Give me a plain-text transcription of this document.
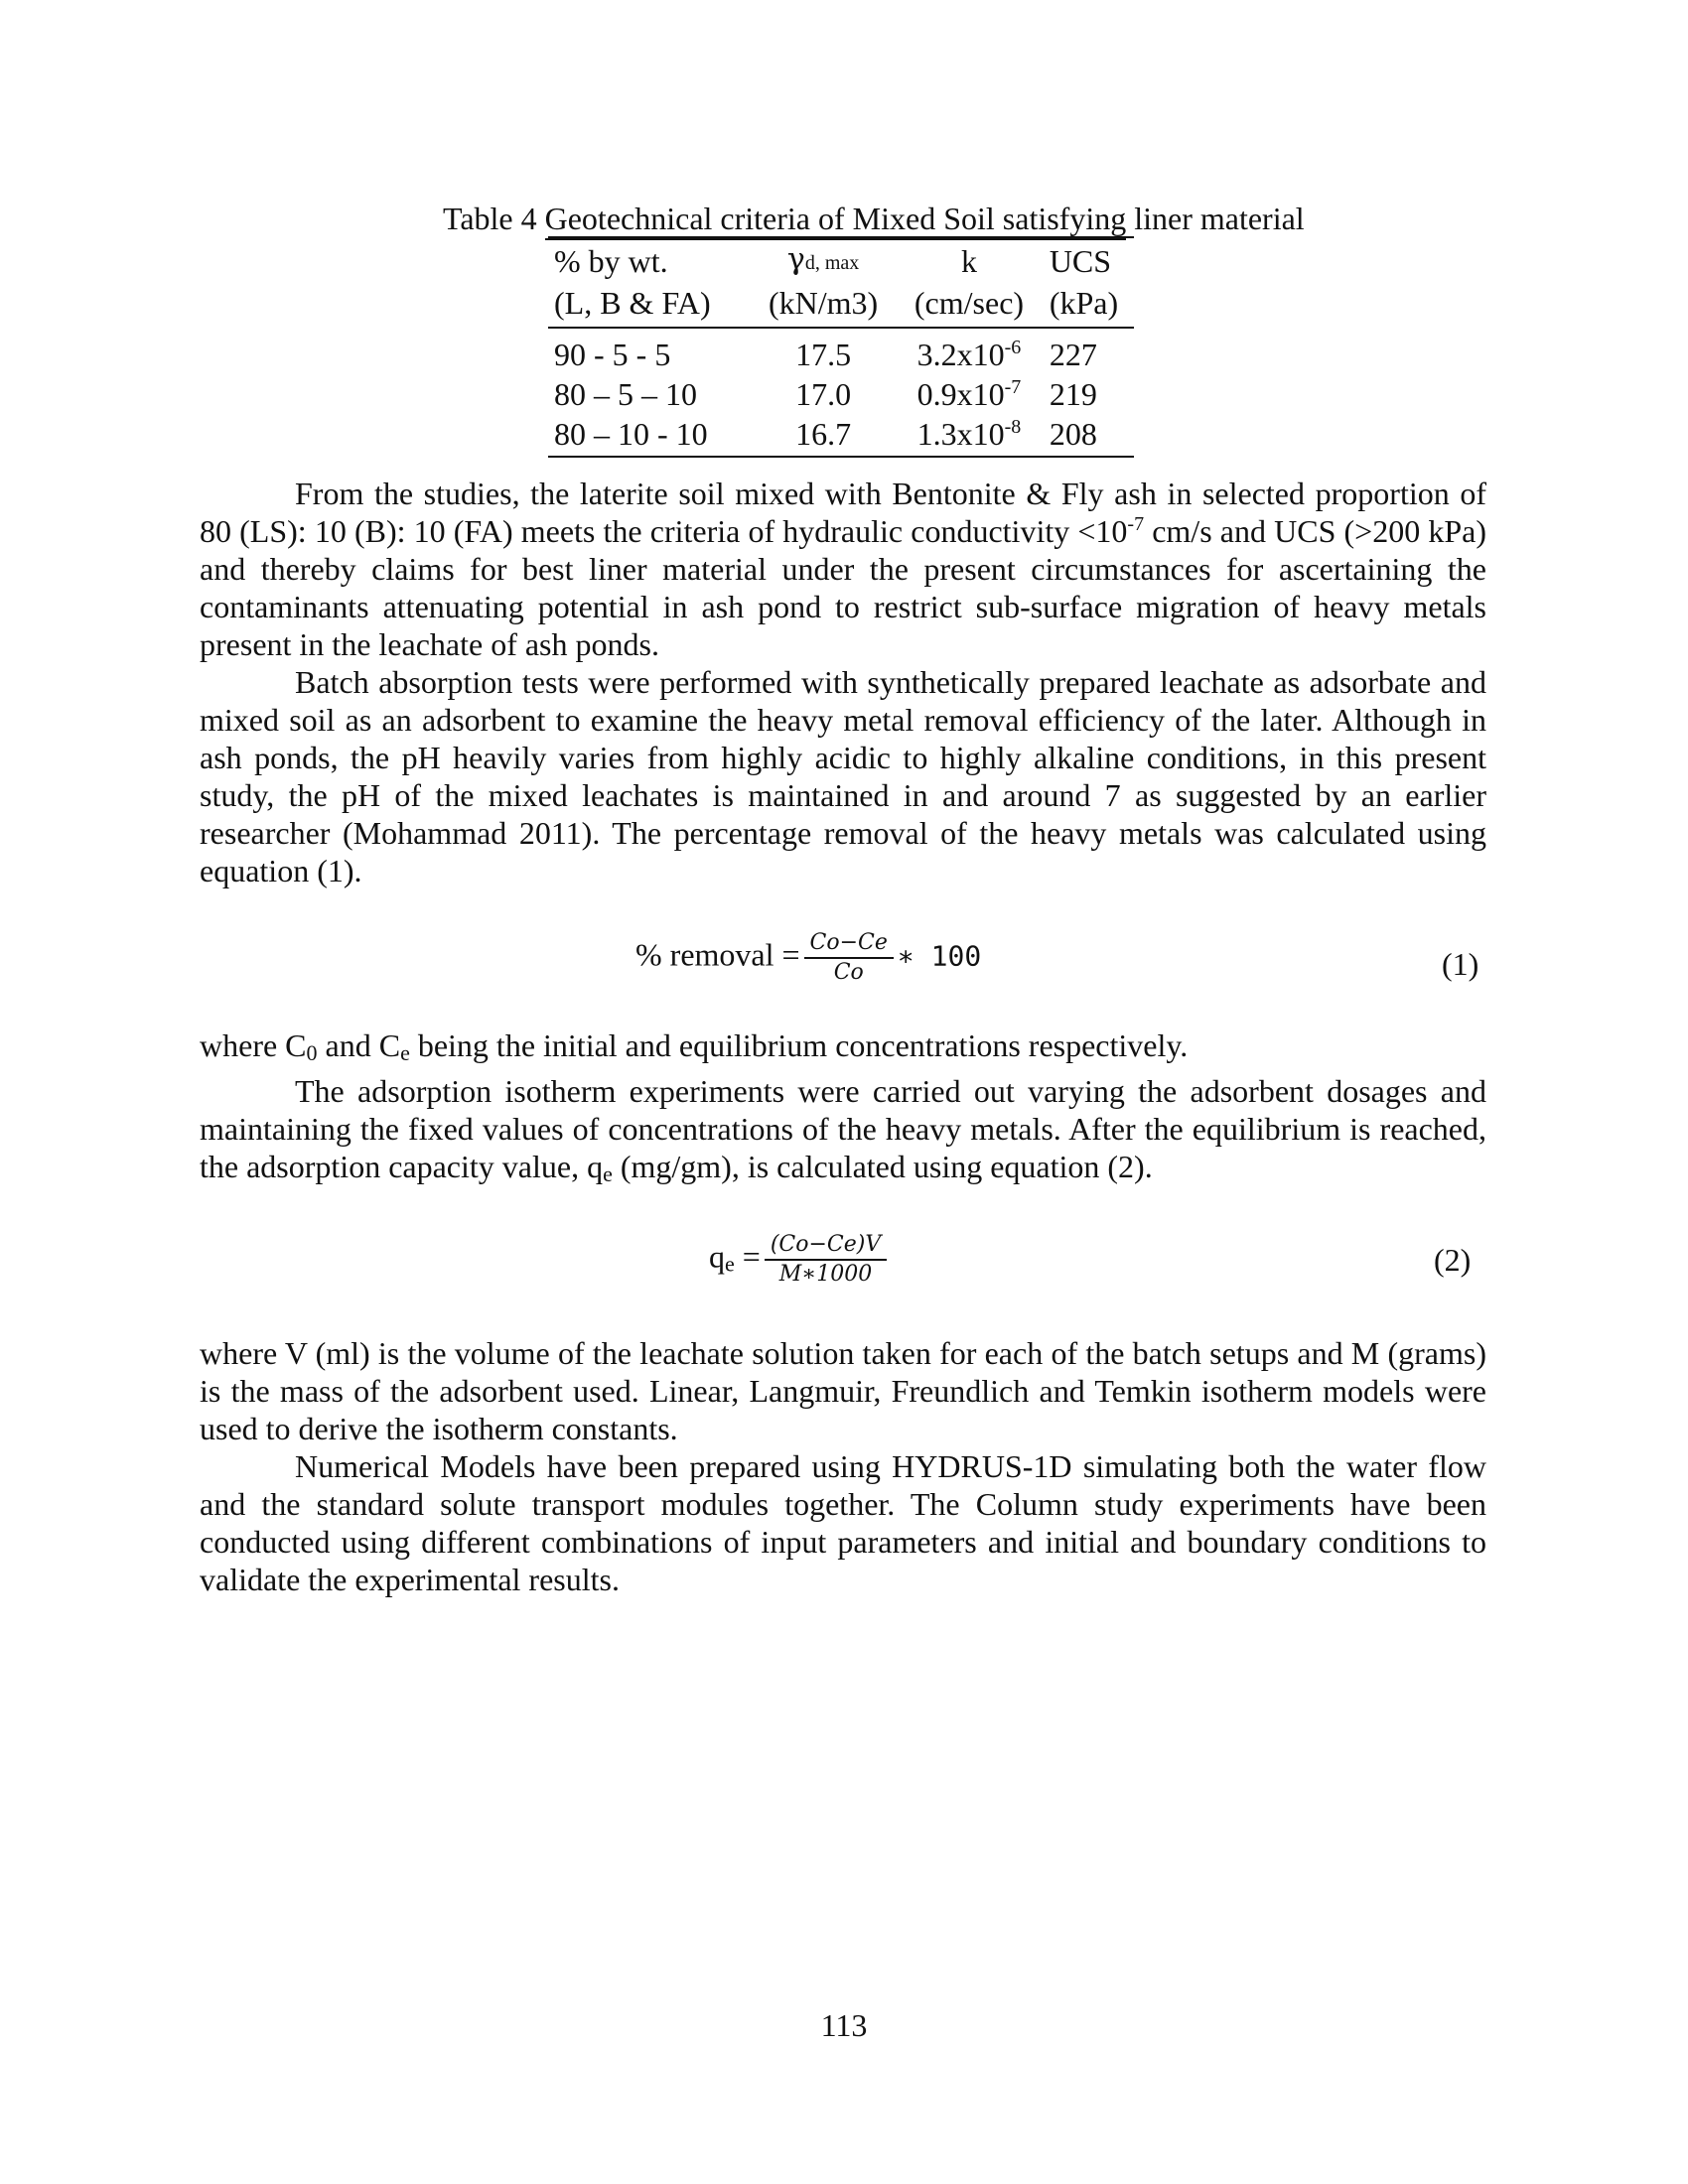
Table 4 Geotechnical criteria of Mixed Soil satisfying liner material
% by wt.	γd, max	k	UCS
(L, B & FA)	(kN/m3)	(cm/sec)	(kPa)
90 - 5 - 5	17.5	$3.2x10^{-6}$	227
80 – 5 – 10	17.0	$0.9x10^{-7}$	219
80 – 10 - 10	16.7	$1.3x10^{-8}$	208

From the studies, the laterite soil mixed with Bentonite & Fly ash in selected proportion of 80 (LS): 10 (B): 10 (FA) meets the criteria of hydraulic conductivity $<10^{-7}$ cm/s and UCS (>200 kPa) and thereby claims for best liner material under the present circumstances for ascertaining the contaminants attenuating potential in ash pond to restrict sub-surface migration of heavy metals present in the leachate of ash ponds.

Batch absorption tests were performed with synthetically prepared leachate as adsorbate and mixed soil as an adsorbent to examine the heavy metal removal efficiency of the later. Although in ash ponds, the pH heavily varies from highly acidic to highly alkaline conditions, in this present study, the pH of the mixed leachates is maintained in and around 7 as suggested by an earlier researcher (Mohammad 2011). The percentage removal of the heavy metals was calculated using equation (1).

% removal = $\frac{Co-Ce}{Co}$ ∗ 100	(1)

where C0 and Ce being the initial and equilibrium concentrations respectively.

The adsorption isotherm experiments were carried out varying the adsorbent dosages and maintaining the fixed values of concentrations of the heavy metals. After the equilibrium is reached, the adsorption capacity value, qe (mg/gm), is calculated using equation (2).

qe = $\frac{(Co-Ce)V}{M∗1000}$	(2)

where V (ml) is the volume of the leachate solution taken for each of the batch setups and M (grams) is the mass of the adsorbent used. Linear, Langmuir, Freundlich and Temkin isotherm models were used to derive the isotherm constants.

Numerical Models have been prepared using HYDRUS-1D simulating both the water flow and the standard solute transport modules together. The Column study experiments have been conducted using different combinations of input parameters and initial and boundary conditions to validate the experimental results.

113
